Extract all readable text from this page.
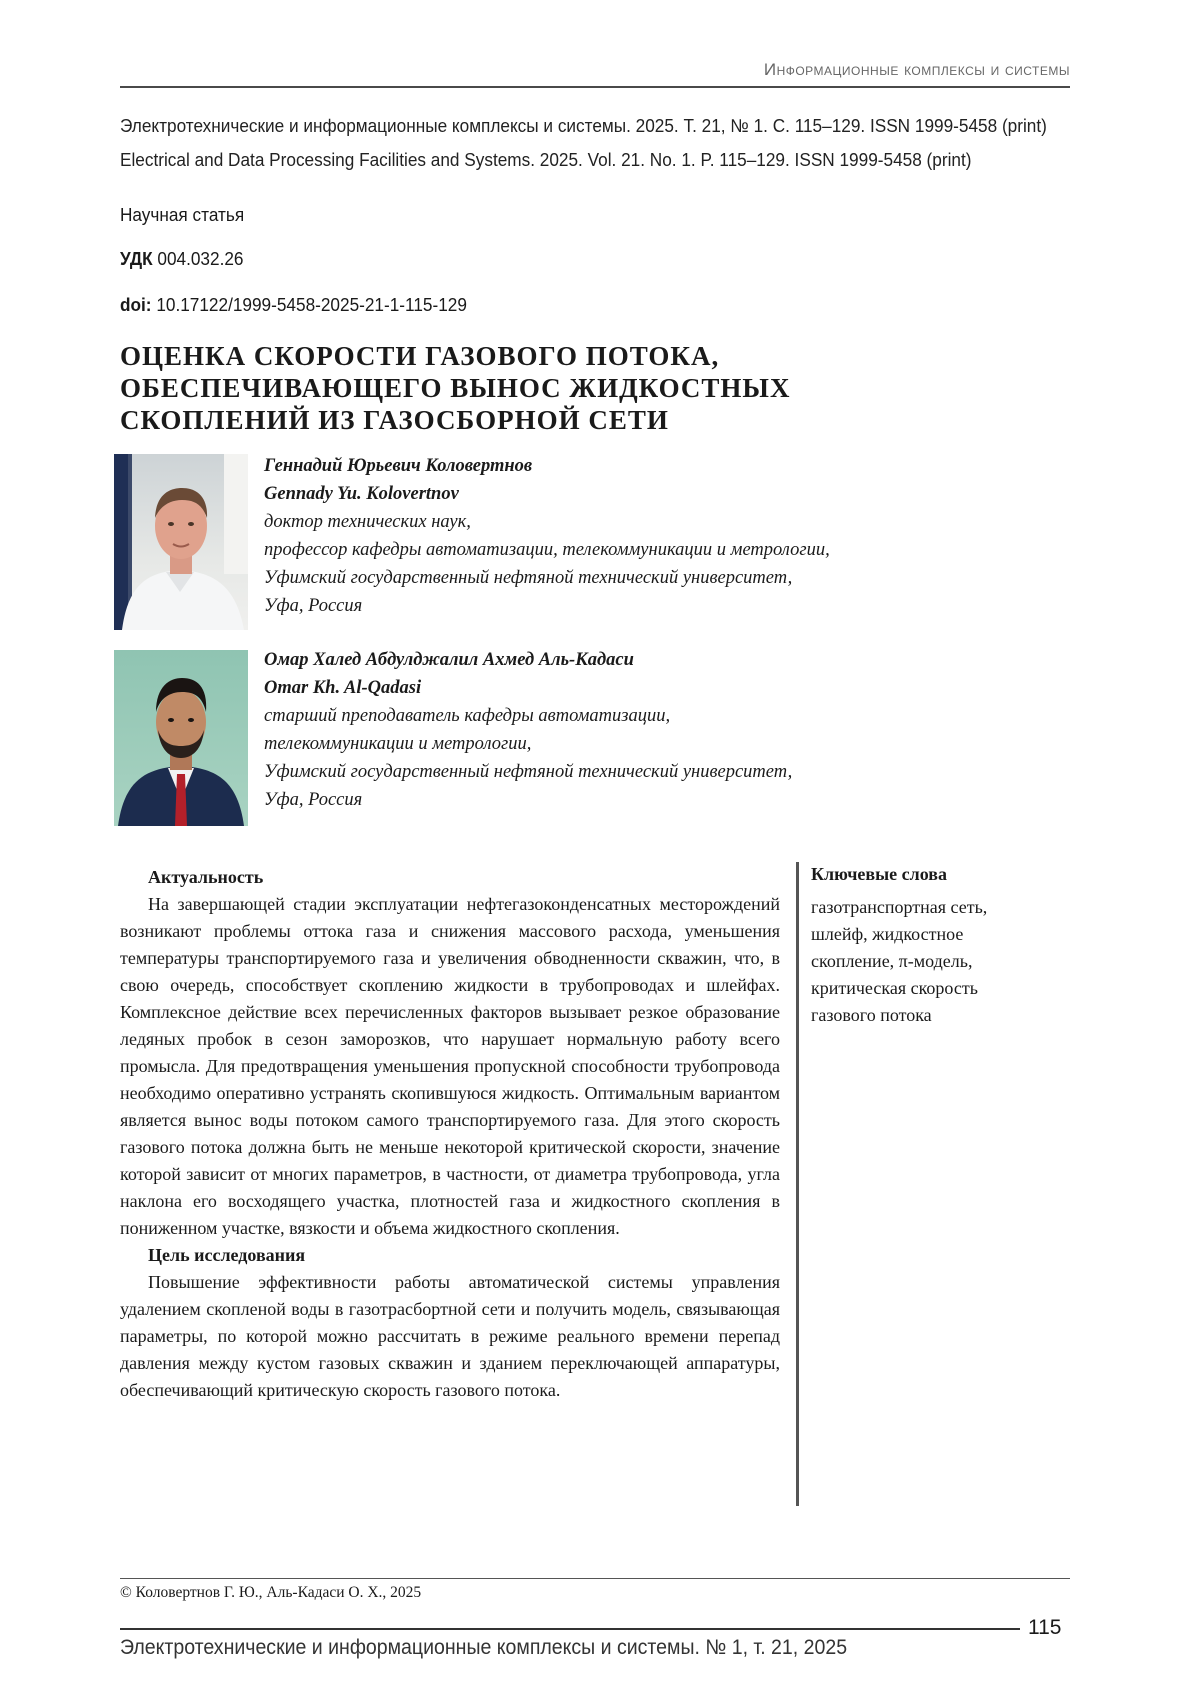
Информационные комплексы и системы
Электротехнические и информационные комплексы и системы. 2025. Т. 21, № 1. С. 115–129. ISSN 1999-5458 (print)
Electrical and Data Processing Facilities and Systems. 2025. Vol. 21. No. 1. P. 115–129. ISSN 1999-5458 (print)
Научная статья
УДК 004.032.26
doi: 10.17122/1999-5458-2025-21-1-115-129
ОЦЕНКА СКОРОСТИ ГАЗОВОГО ПОТОКА,
ОБЕСПЕЧИВАЮЩЕГО ВЫНОС ЖИДКОСТНЫХ
СКОПЛЕНИЙ ИЗ ГАЗОСБОРНОЙ СЕТИ
Геннадий Юрьевич Коловертнов
Gennady Yu. Kolovertnov
доктор технических наук,
профессор кафедры автоматизации, телекоммуникации и метрологии,
Уфимский государственный нефтяной технический университет,
Уфа, Россия
Омар Халед Абдулджалил Ахмед Аль-Кадаси
Omar Kh. Al-Qadasi
старший преподаватель кафедры автоматизации,
телекоммуникации и метрологии,
Уфимский государственный нефтяной технический университет,
Уфа, Россия
Актуальность

На завершающей стадии эксплуатации нефтегазоконденсатных месторождений возникают проблемы оттока газа и снижения массового расхода, уменьшения температуры транспортируемого газа и увеличения обводненности скважин, что, в свою очередь, способствует скоплению жидкости в трубопроводах и шлейфах. Комплексное действие всех перечисленных факторов вызывает резкое образование ледяных пробок в сезон заморозков, что нарушает нормальную работу всего промысла. Для предотвращения уменьшения пропускной способности трубопровода необходимо оперативно устранять скопившуюся жидкость. Оптимальным вариантом является вынос воды потоком самого транспортируемого газа. Для этого скорость газового потока должна быть не меньше некоторой критической скорости, значение которой зависит от многих параметров, в частности, от диаметра трубопровода, угла наклона его восходящего участка, плотностей газа и жидкостного скопления в пониженном участке, вязкости и объема жидкостного скопления.

Цель исследования

Повышение эффективности работы автоматической системы управления удалением скопленой воды в газотрасбортной сети и получить модель, связывающая параметры, по которой можно рассчитать в режиме реального времени перепад давления между кустом газовых скважин и зданием переключающей аппаратуры, обеспечивающий критическую скорость газового потока.

Ключевые слова
газотранспортная сеть,
шлейф, жидкостное
скопление, π-модель,
критическая скорость
газового потока
© Коловертнов Г. Ю., Аль-Кадаси О. Х., 2025
115
Электротехнические и информационные комплексы и системы. № 1, т. 21, 2025
